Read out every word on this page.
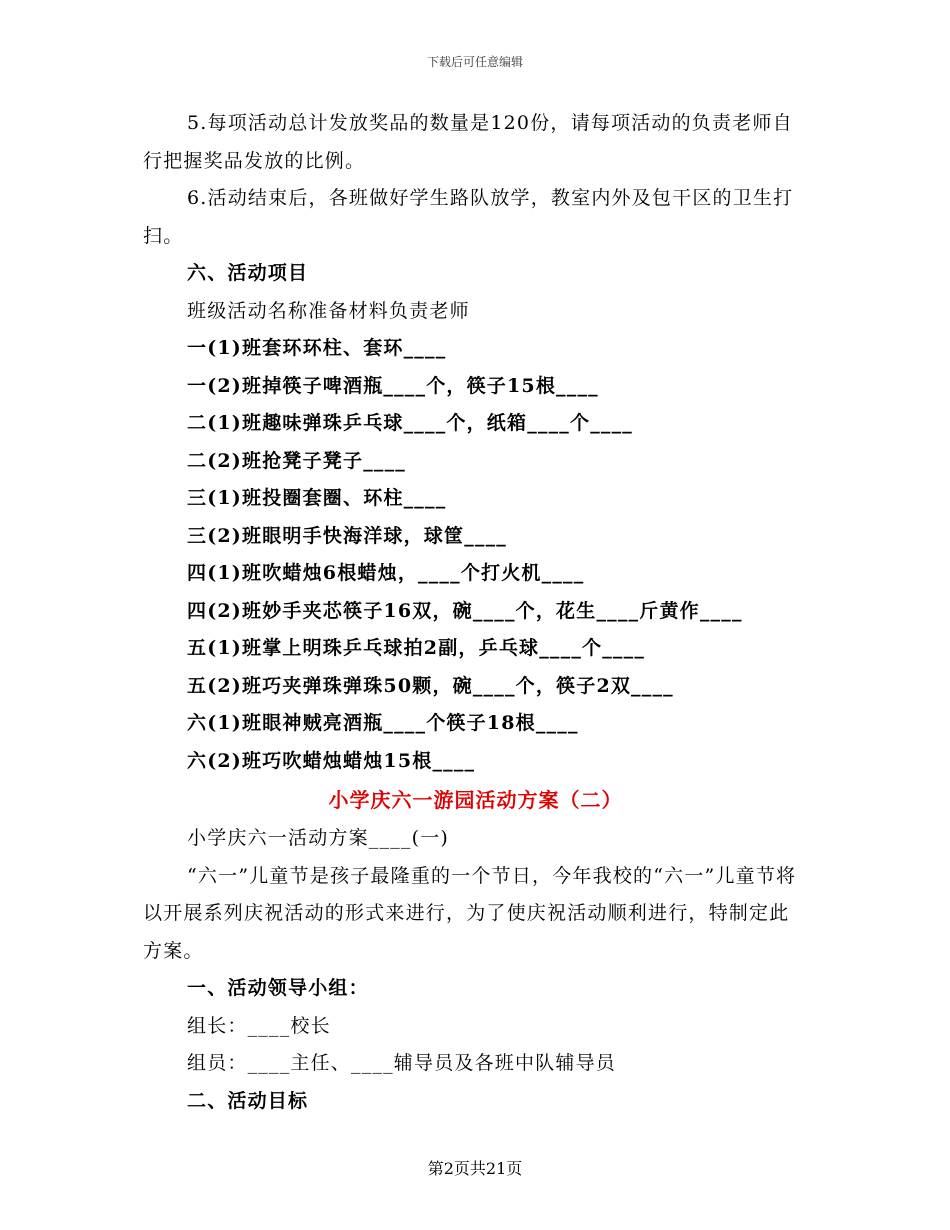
下载后可任意编辑

5.每项活动总计发放奖品的数量是120份，请每项活动的负责老师自行把握奖品发放的比例。

6.活动结束后，各班做好学生路队放学，教室内外及包干区的卫生打扫。

六、活动项目

班级活动名称准备材料负责老师

一(1)班套环环柱、套环____

一(2)班掉筷子啤酒瓶____个，筷子15根____

二(1)班趣味弹珠乒乓球____个，纸箱____个____

二(2)班抢凳子凳子____

三(1)班投圈套圈、环柱____

三(2)班眼明手快海洋球，球筐____

四(1)班吹蜡烛6根蜡烛，____个打火机____

四(2)班妙手夹芯筷子16双，碗____个，花生____斤黄作____

五(1)班掌上明珠乒乓球拍2副，乒乓球____个____

五(2)班巧夹弹珠弹珠50颗，碗____个，筷子2双____

六(1)班眼神贼亮酒瓶____个筷子18根____

六(2)班巧吹蜡烛蜡烛15根____

小学庆六一游园活动方案（二）

小学庆六一活动方案____(一)

“六一”儿童节是孩子最隆重的一个节日，今年我校的“六一”儿童节将以开展系列庆祝活动的形式来进行，为了使庆祝活动顺利进行，特制定此方案。

一、活动领导小组：

组长：____校长

组员：____主任、____辅导员及各班中队辅导员

二、活动目标

第2页共21页
